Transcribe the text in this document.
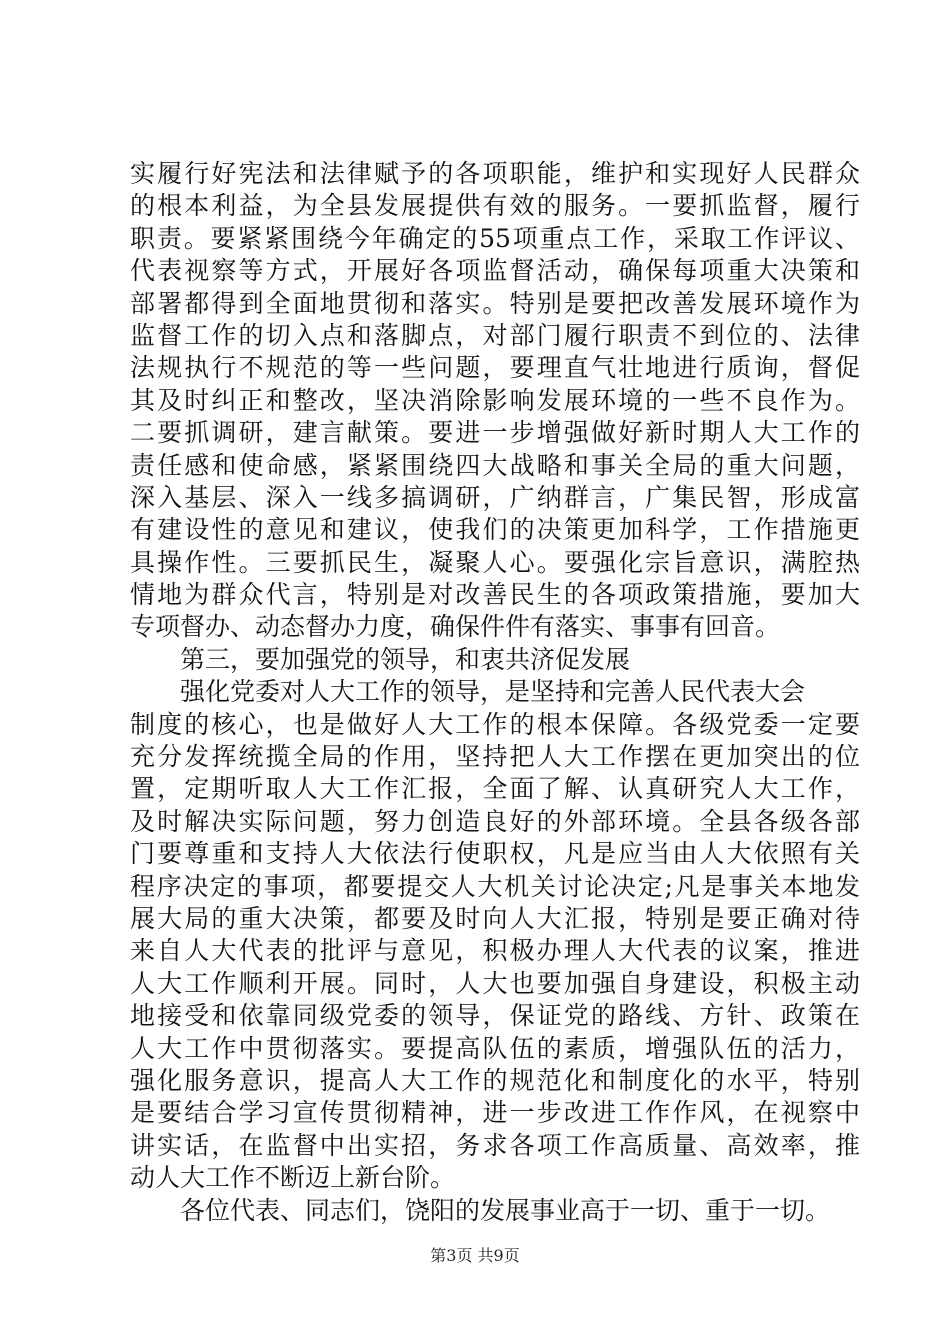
实履行好宪法和法律赋予的各项职能，维护和实现好人民群众
的根本利益，为全县发展提供有效的服务。一要抓监督，履行
职责。要紧紧围绕今年确定的55项重点工作，采取工作评议、
代表视察等方式，开展好各项监督活动，确保每项重大决策和
部署都得到全面地贯彻和落实。特别是要把改善发展环境作为
监督工作的切入点和落脚点，对部门履行职责不到位的、法律
法规执行不规范的等一些问题，要理直气壮地进行质询，督促
其及时纠正和整改，坚决消除影响发展环境的一些不良作为。
二要抓调研，建言献策。要进一步增强做好新时期人大工作的
责任感和使命感，紧紧围绕四大战略和事关全局的重大问题，
深入基层、深入一线多搞调研，广纳群言，广集民智，形成富
有建设性的意见和建议，使我们的决策更加科学，工作措施更
具操作性。三要抓民生，凝聚人心。要强化宗旨意识，满腔热
情地为群众代言，特别是对改善民生的各项政策措施，要加大
专项督办、动态督办力度，确保件件有落实、事事有回音。
第三，要加强党的领导，和衷共济促发展
强化党委对人大工作的领导，是坚持和完善人民代表大会
制度的核心，也是做好人大工作的根本保障。各级党委一定要
充分发挥统揽全局的作用，坚持把人大工作摆在更加突出的位
置，定期听取人大工作汇报，全面了解、认真研究人大工作，
及时解决实际问题，努力创造良好的外部环境。全县各级各部
门要尊重和支持人大依法行使职权，凡是应当由人大依照有关
程序决定的事项，都要提交人大机关讨论决定;凡是事关本地发
展大局的重大决策，都要及时向人大汇报，特别是要正确对待
来自人大代表的批评与意见，积极办理人大代表的议案，推进
人大工作顺利开展。同时，人大也要加强自身建设，积极主动
地接受和依靠同级党委的领导，保证党的路线、方针、政策在
人大工作中贯彻落实。要提高队伍的素质，增强队伍的活力，
强化服务意识，提高人大工作的规范化和制度化的水平，特别
是要结合学习宣传贯彻精神，进一步改进工作作风，在视察中
讲实话，在监督中出实招，务求各项工作高质量、高效率，推
动人大工作不断迈上新台阶。
各位代表、同志们，饶阳的发展事业高于一切、重于一切。
第3页 共9页
